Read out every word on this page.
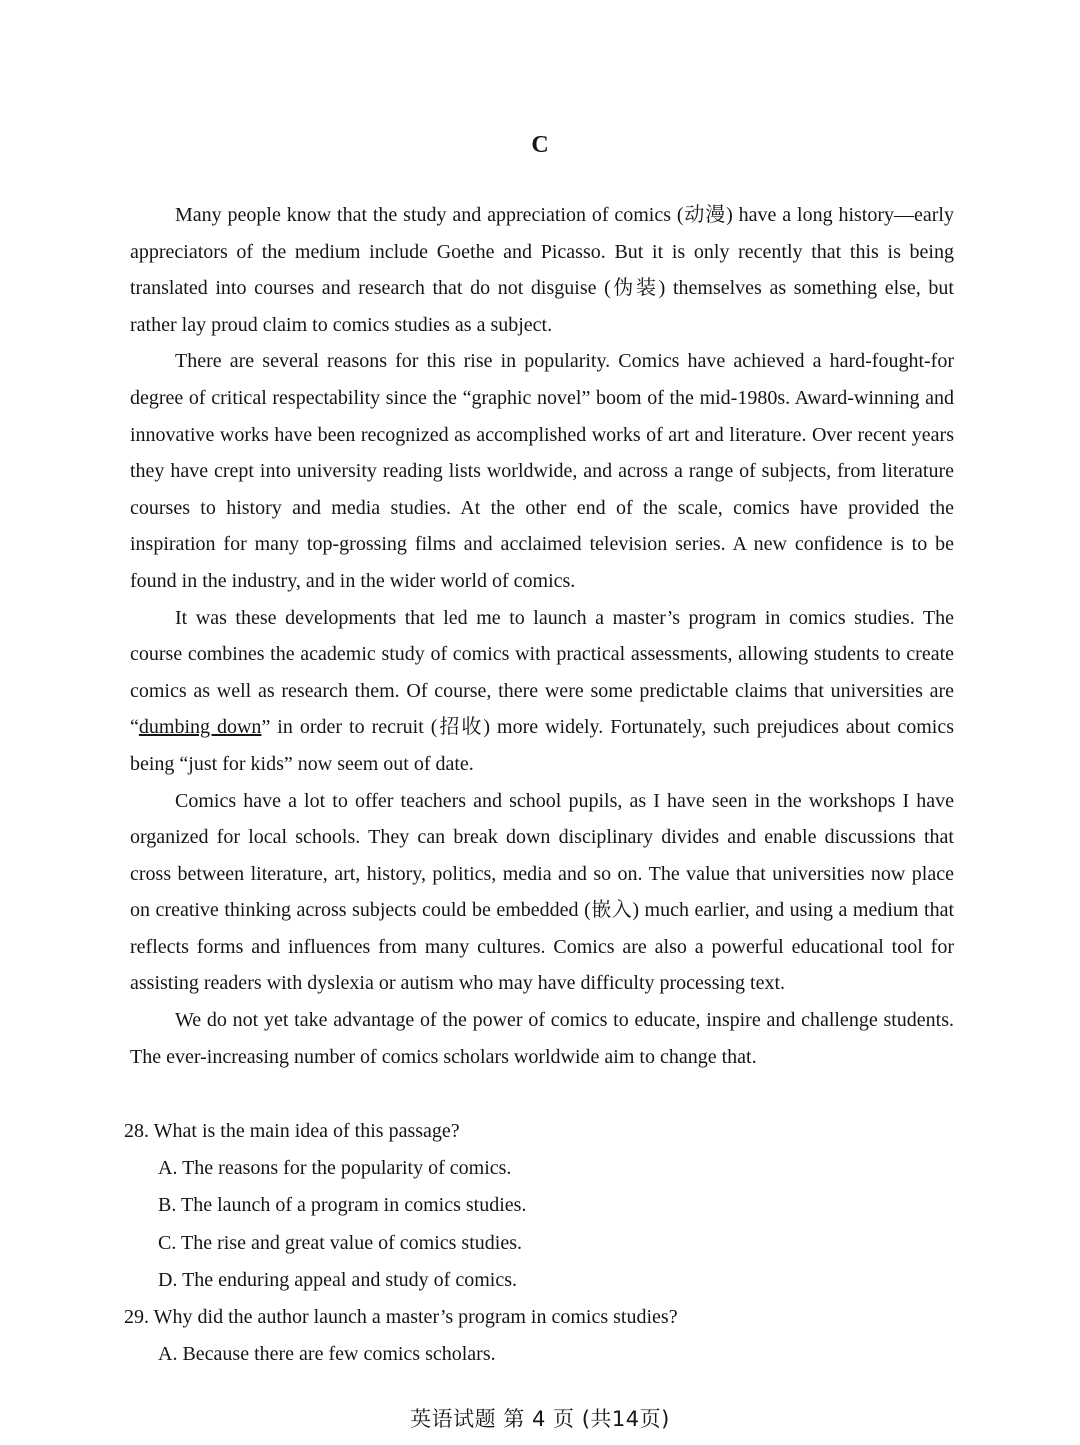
C

Many people know that the study and appreciation of comics (动漫) have a long history—early appreciators of the medium include Goethe and Picasso. But it is only recently that this is being translated into courses and research that do not disguise (伪装) themselves as something else, but rather lay proud claim to comics studies as a subject.

There are several reasons for this rise in popularity. Comics have achieved a hard-fought-for degree of critical respectability since the “graphic novel” boom of the mid-1980s. Award-winning and innovative works have been recognized as accomplished works of art and literature. Over recent years they have crept into university reading lists worldwide, and across a range of subjects, from literature courses to history and media studies. At the other end of the scale, comics have provided the inspiration for many top-grossing films and acclaimed television series. A new confidence is to be found in the industry, and in the wider world of comics.

It was these developments that led me to launch a master’s program in comics studies. The course combines the academic study of comics with practical assessments, allowing students to create comics as well as research them. Of course, there were some predictable claims that universities are “dumbing down” in order to recruit (招收) more widely. Fortunately, such prejudices about comics being “just for kids” now seem out of date.

Comics have a lot to offer teachers and school pupils, as I have seen in the workshops I have organized for local schools. They can break down disciplinary divides and enable discussions that cross between literature, art, history, politics, media and so on. The value that universities now place on creative thinking across subjects could be embedded (嵌入) much earlier, and using a medium that reflects forms and influences from many cultures. Comics are also a powerful educational tool for assisting readers with dyslexia or autism who may have difficulty processing text.

We do not yet take advantage of the power of comics to educate, inspire and challenge students. The ever-increasing number of comics scholars worldwide aim to change that.

28. What is the main idea of this passage?

A. The reasons for the popularity of comics.

B. The launch of a program in comics studies.

C. The rise and great value of comics studies.

D. The enduring appeal and study of comics.

29. Why did the author launch a master’s program in comics studies?

A. Because there are few comics scholars.

英语试题 第 4 页 (共14页)
